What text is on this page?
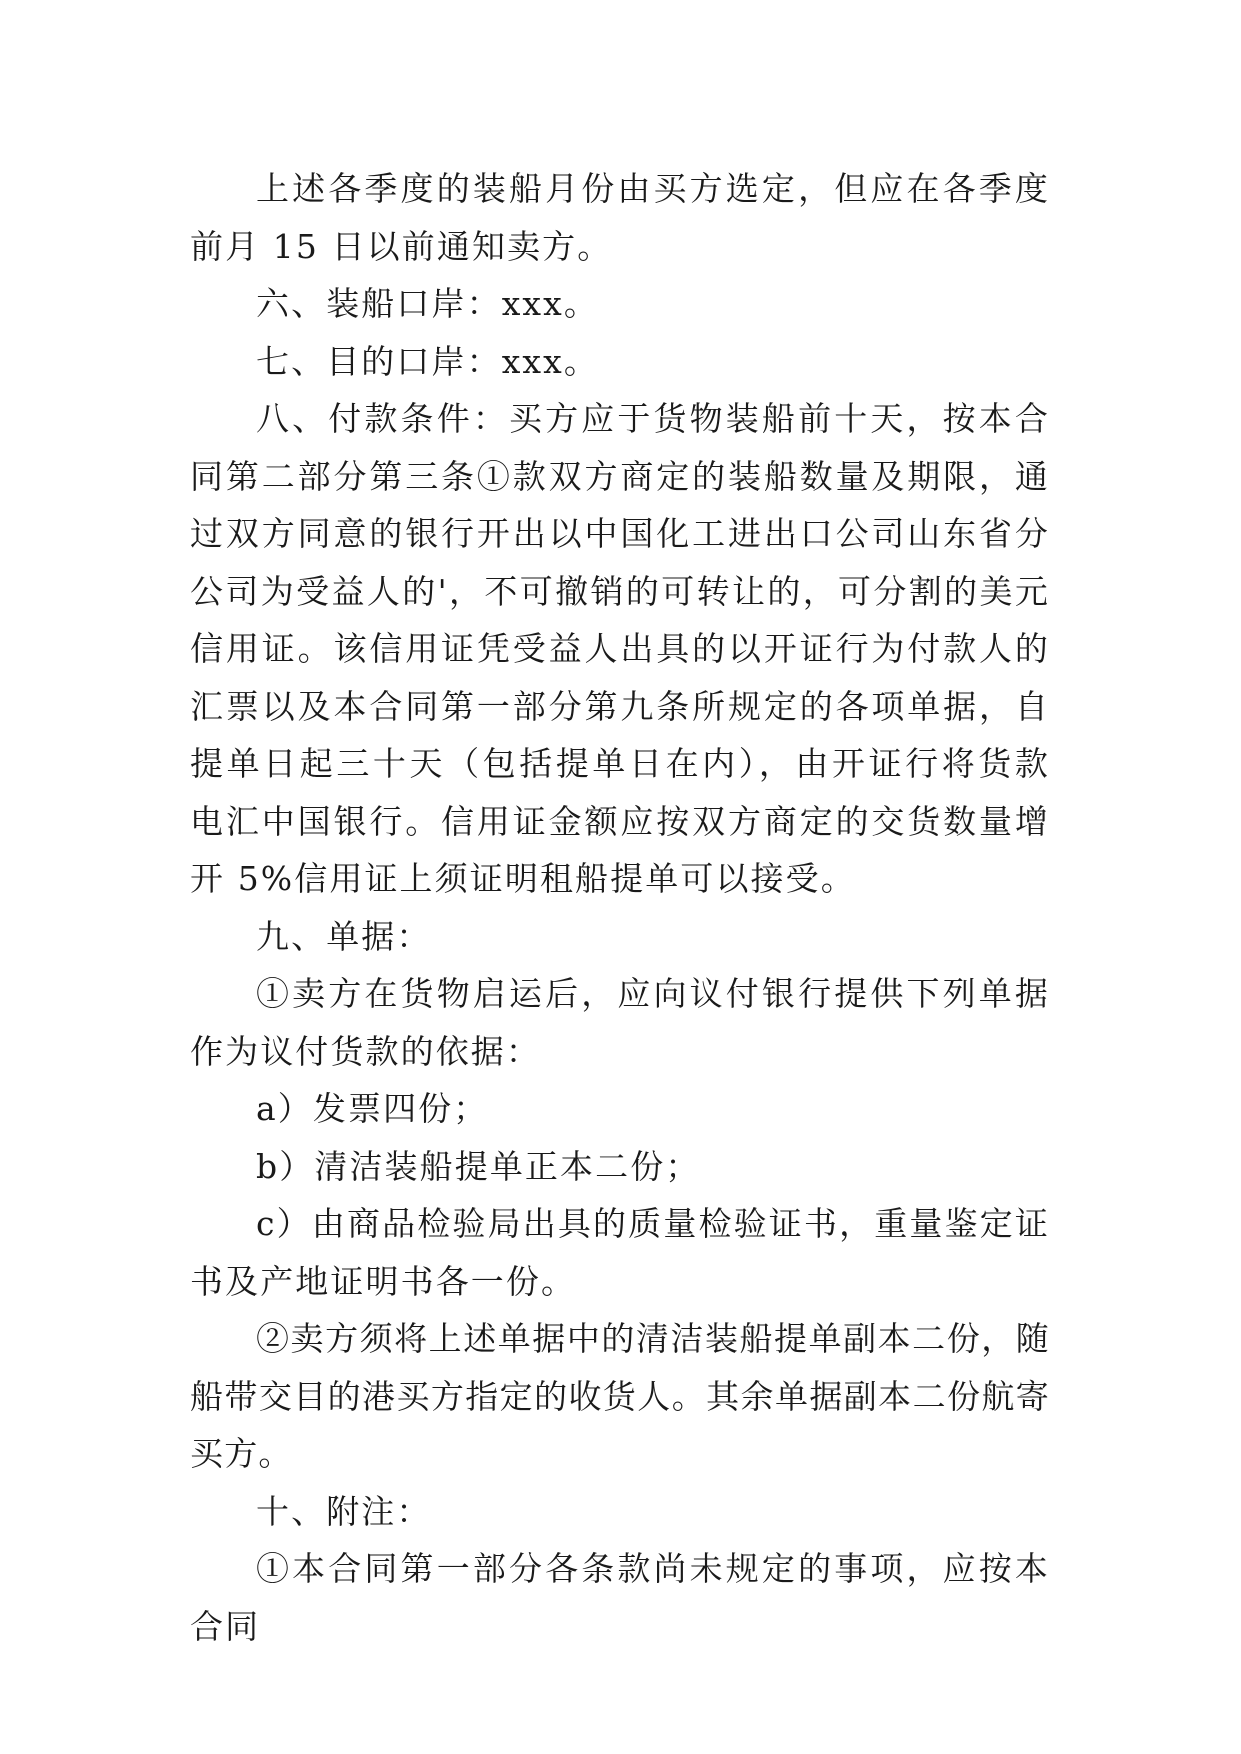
上述各季度的装船月份由买方选定，但应在各季度前月 15 日以前通知卖方。

六、装船口岸：xxx。

七、目的口岸：xxx。

八、付款条件：买方应于货物装船前十天，按本合同第二部分第三条①款双方商定的装船数量及期限，通过双方同意的银行开出以中国化工进出口公司山东省分公司为受益人的'，不可撤销的可转让的，可分割的美元信用证。该信用证凭受益人出具的以开证行为付款人的汇票以及本合同第一部分第九条所规定的各项单据，自提单日起三十天（包括提单日在内），由开证行将货款电汇中国银行。信用证金额应按双方商定的交货数量增开 5%信用证上须证明租船提单可以接受。

九、单据：

①卖方在货物启运后，应向议付银行提供下列单据作为议付货款的依据：

a）发票四份；

b）清洁装船提单正本二份；

c）由商品检验局出具的质量检验证书，重量鉴定证书及产地证明书各一份。

②卖方须将上述单据中的清洁装船提单副本二份，随船带交目的港买方指定的收货人。其余单据副本二份航寄买方。

十、附注：

①本合同第一部分各条款尚未规定的事项，应按本合同
